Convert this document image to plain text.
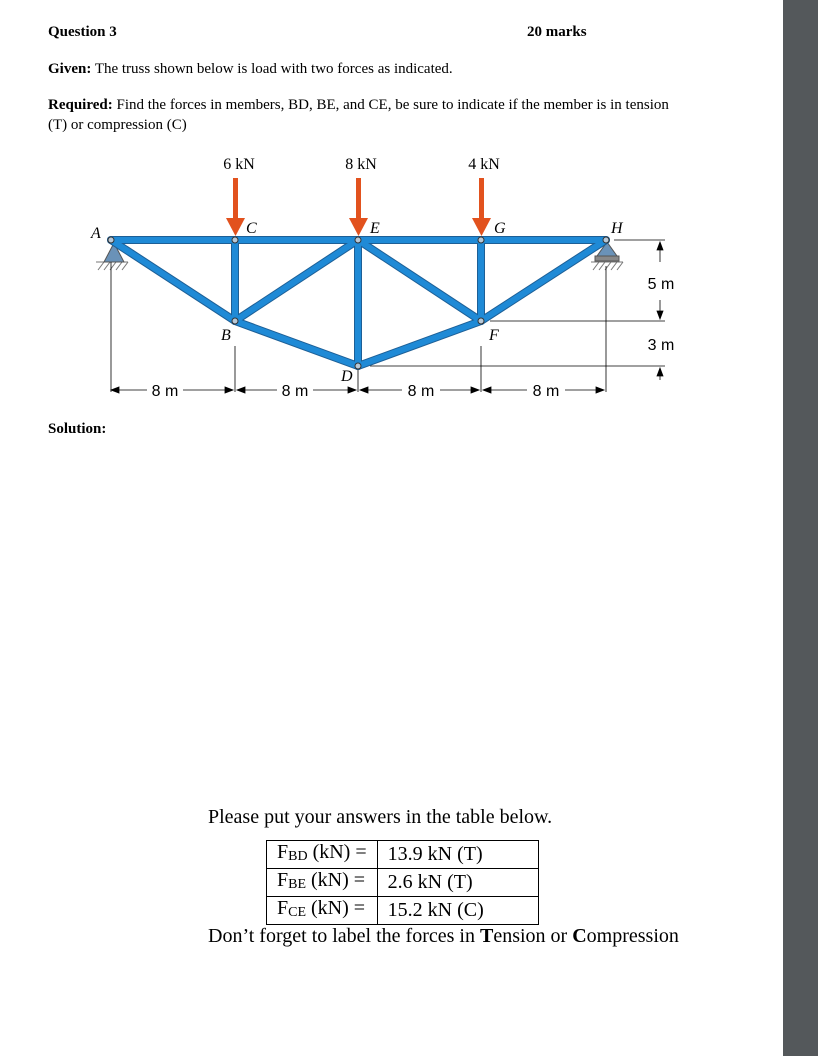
Question 3	20 marks
Given: The truss shown below is load with two forces as indicated.
Required: Find the forces in members, BD, BE, and CE, be sure to indicate if the member is in tension
(T) or compression (C)
6 kN	8 kN	4 kN
A	C	E	G	H
B
D
F
8 m	8 m	8 m	8 m
5 m
3 m
Solution:
Please put your answers in the table below.
$F_{BD}$ (kN) =	13.9 kN (T)
$F_{BE}$ (kN) =	2.6 kN (T)
$F_{CE}$ (kN) =	15.2 kN (C)
Don’t forget to label the forces in Tension or Compression
